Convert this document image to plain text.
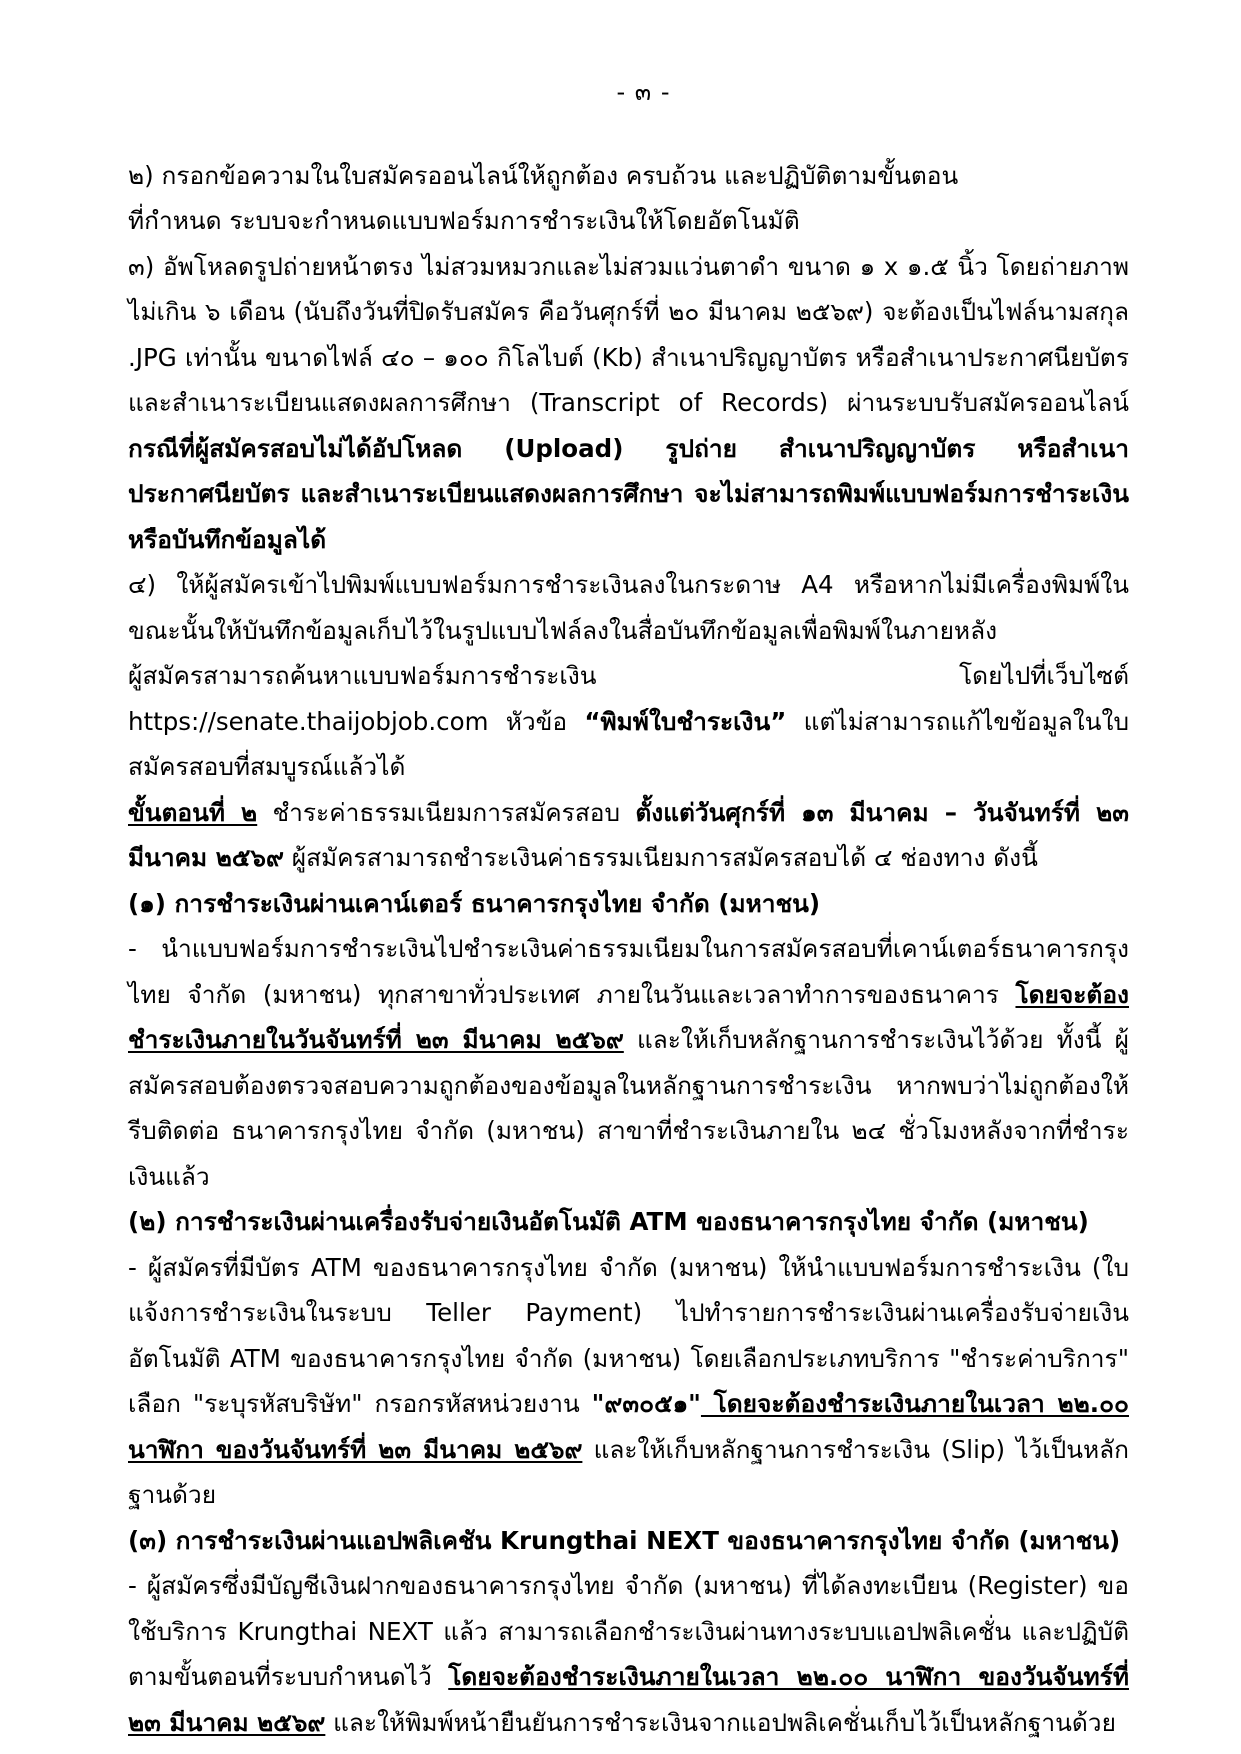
- ๓ -

๒) กรอกข้อความในใบสมัครออนไลน์ให้ถูกต้อง ครบถ้วน และปฏิบัติตามขั้นตอน

ที่กำหนด ระบบจะกำหนดแบบฟอร์มการชำระเงินให้โดยอัตโนมัติ

๓) อัพโหลดรูปถ่ายหน้าตรง ไม่สวมหมวกและไม่สวมแว่นตาดำ ขนาด ๑ x ๑.๕ นิ้ว โดยถ่ายภาพไม่เกิน ๖ เดือน (นับถึงวันที่ปิดรับสมัคร คือวันศุกร์ที่ ๒๐ มีนาคม ๒๕๖๙) จะต้องเป็นไฟล์นามสกุล .JPG เท่านั้น ขนาดไฟล์ ๔๐ – ๑๐๐ กิโลไบต์ (Kb) สำเนาปริญญาบัตร หรือสำเนาประกาศนียบัตร และสำเนาระเบียนแสดงผลการศึกษา (Transcript of Records) ผ่านระบบรับสมัครออนไลน์ กรณีที่ผู้สมัครสอบไม่ได้อัปโหลด (Upload) รูปถ่าย สำเนาปริญญาบัตร หรือสำเนาประกาศนียบัตร และสำเนาระเบียนแสดงผลการศึกษา จะไม่สามารถพิมพ์แบบฟอร์มการชำระเงินหรือบันทึกข้อมูลได้

๔) ให้ผู้สมัครเข้าไปพิมพ์แบบฟอร์มการชำระเงินลงในกระดาษ A4 หรือหากไม่มีเครื่องพิมพ์ในขณะนั้นให้บันทึกข้อมูลเก็บไว้ในรูปแบบไฟล์ลงในสื่อบันทึกข้อมูลเพื่อพิมพ์ในภายหลัง

ผู้สมัครสามารถค้นหาแบบฟอร์มการชำระเงิน โดยไปที่เว็บไซต์ https://senate.thaijobjob.com หัวข้อ “พิมพ์ใบชำระเงิน” แต่ไม่สามารถแก้ไขข้อมูลในใบสมัครสอบที่สมบูรณ์แล้วได้

ขั้นตอนที่ ๒ ชำระค่าธรรมเนียมการสมัครสอบ ตั้งแต่วันศุกร์ที่ ๑๓ มีนาคม – วันจันทร์ที่ ๒๓ มีนาคม ๒๕๖๙ ผู้สมัครสามารถชำระเงินค่าธรรมเนียมการสมัครสอบได้ ๔ ช่องทาง ดังนี้

(๑) การชำระเงินผ่านเคาน์เตอร์ ธนาคารกรุงไทย จำกัด (มหาชน)

- นำแบบฟอร์มการชำระเงินไปชำระเงินค่าธรรมเนียมในการสมัครสอบที่เคาน์เตอร์ธนาคารกรุงไทย จำกัด (มหาชน) ทุกสาขาทั่วประเทศ ภายในวันและเวลาทำการของธนาคาร โดยจะต้องชำระเงินภายในวันจันทร์ที่ ๒๓ มีนาคม ๒๕๖๙ และให้เก็บหลักฐานการชำระเงินไว้ด้วย ทั้งนี้ ผู้สมัครสอบต้องตรวจสอบความถูกต้องของข้อมูลในหลักฐานการชำระเงิน หากพบว่าไม่ถูกต้องให้รีบติดต่อ ธนาคารกรุงไทย จำกัด (มหาชน) สาขาที่ชำระเงินภายใน ๒๔ ชั่วโมงหลังจากที่ชำระเงินแล้ว

(๒) การชำระเงินผ่านเครื่องรับจ่ายเงินอัตโนมัติ ATM ของธนาคารกรุงไทย จำกัด (มหาชน)

- ผู้สมัครที่มีบัตร ATM ของธนาคารกรุงไทย จำกัด (มหาชน) ให้นำแบบฟอร์มการชำระเงิน (ใบแจ้งการชำระเงินในระบบ Teller Payment) ไปทำรายการชำระเงินผ่านเครื่องรับจ่ายเงินอัตโนมัติ ATM ของธนาคารกรุงไทย จำกัด (มหาชน) โดยเลือกประเภทบริการ "ชำระค่าบริการ" เลือก "ระบุรหัสบริษัท" กรอกรหัสหน่วยงาน "๙๓๐๕๑" โดยจะต้องชำระเงินภายในเวลา ๒๒.๐๐ นาฬิกา ของวันจันทร์ที่ ๒๓ มีนาคม ๒๕๖๙ และให้เก็บหลักฐานการชำระเงิน (Slip) ไว้เป็นหลักฐานด้วย

(๓) การชำระเงินผ่านแอปพลิเคชัน Krungthai NEXT ของธนาคารกรุงไทย จำกัด (มหาชน)

- ผู้สมัครซึ่งมีบัญชีเงินฝากของธนาคารกรุงไทย จำกัด (มหาชน) ที่ได้ลงทะเบียน (Register) ขอใช้บริการ Krungthai NEXT แล้ว สามารถเลือกชำระเงินผ่านทางระบบแอปพลิเคชั่น และปฏิบัติตามขั้นตอนที่ระบบกำหนดไว้ โดยจะต้องชำระเงินภายในเวลา ๒๒.๐๐ นาฬิกา ของวันจันทร์ที่ ๒๓ มีนาคม ๒๕๖๙ และให้พิมพ์หน้ายืนยันการชำระเงินจากแอปพลิเคชั่นเก็บไว้เป็นหลักฐานด้วย
